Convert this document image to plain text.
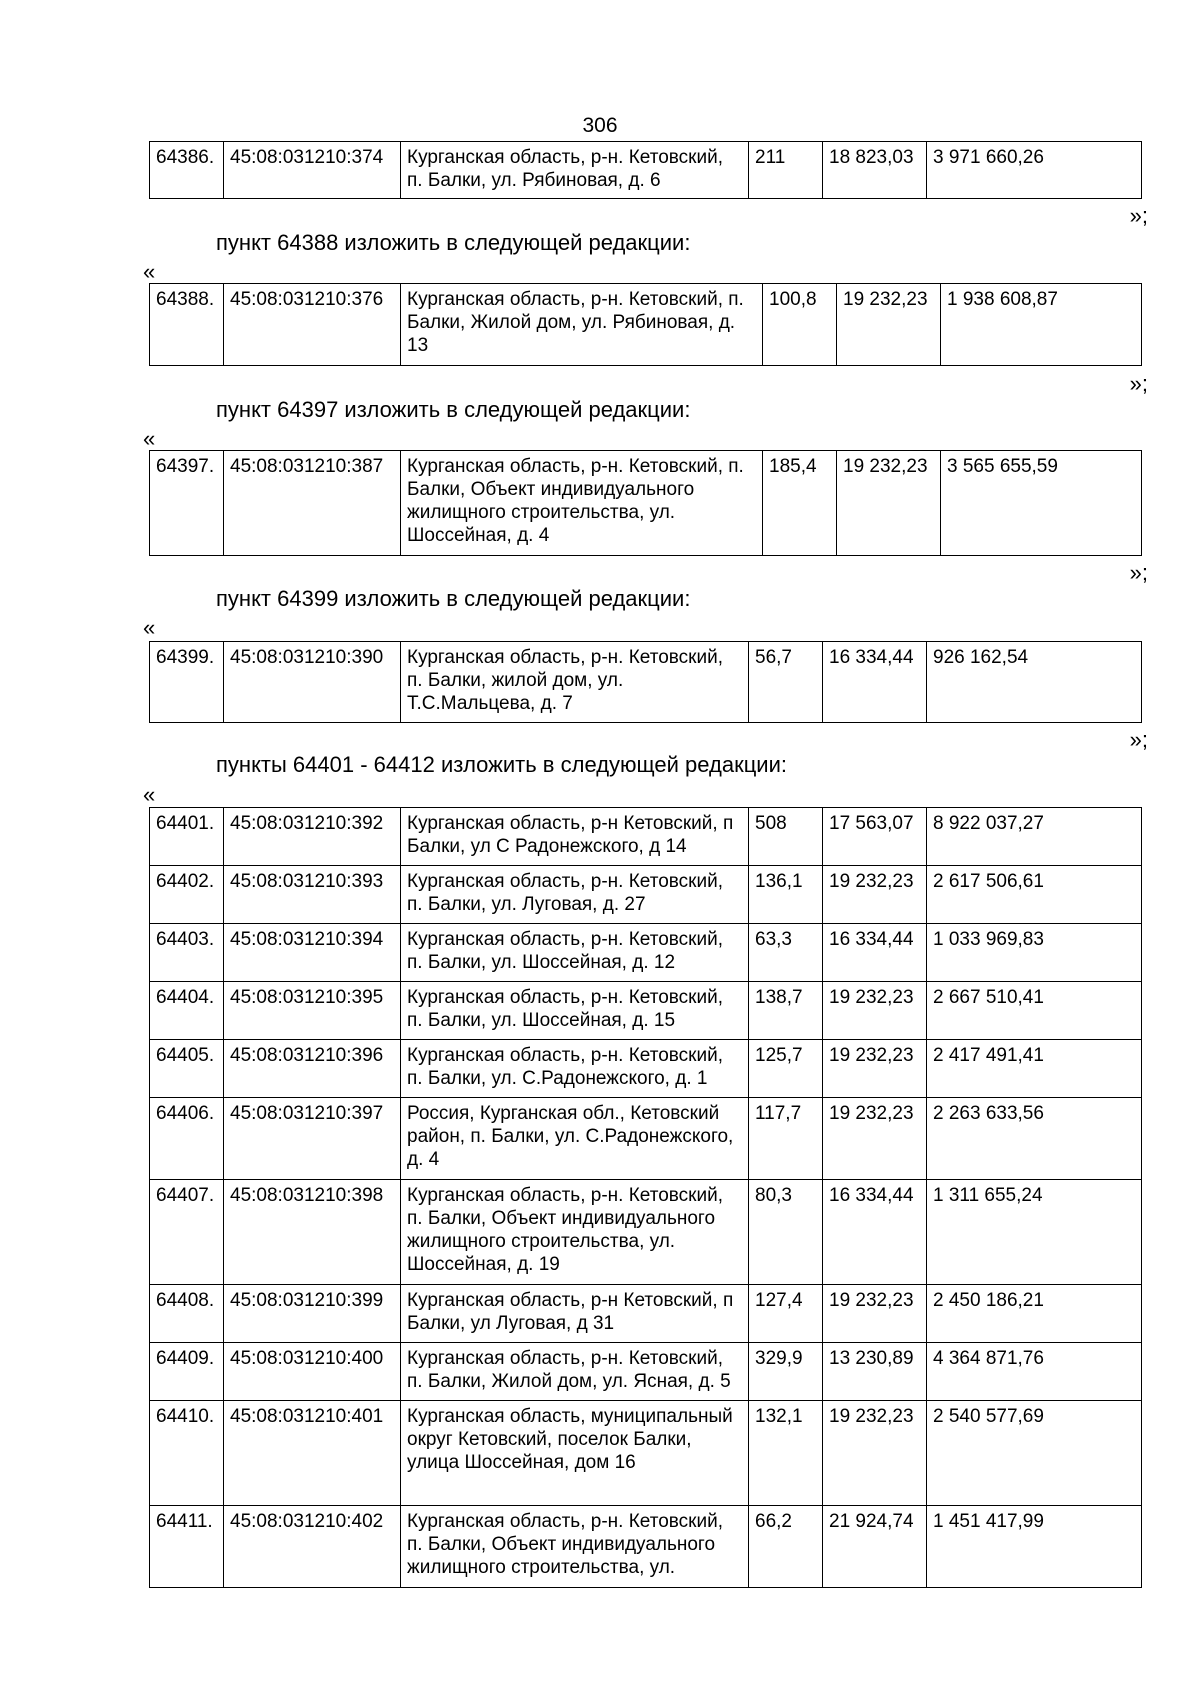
306
64386.	45:08:031210:374	Курганская область, р-н. Кетовский, п. Балки, ул. Рябиновая, д. 6	211	18 823,03	3 971 660,26
»;
пункт 64388 изложить в следующей редакции:
«
64388.	45:08:031210:376	Курганская область, р-н. Кетовский, п. Балки, Жилой дом, ул. Рябиновая, д. 13	100,8	19 232,23	1 938 608,87
»;
пункт 64397 изложить в следующей редакции:
«
64397.	45:08:031210:387	Курганская область, р-н. Кетовский, п. Балки, Объект индивидуального жилищного строительства, ул. Шоссейная, д. 4	185,4	19 232,23	3 565 655,59
»;
пункт 64399 изложить в следующей редакции:
«
64399.	45:08:031210:390	Курганская область, р-н. Кетовский, п. Балки, жилой дом, ул. Т.С.Мальцева, д. 7	56,7	16 334,44	926 162,54
»;
пункты 64401 - 64412 изложить в следующей редакции:
«
64401.	45:08:031210:392	Курганская область, р-н Кетовский, п Балки, ул С Радонежского, д 14	508	17 563,07	8 922 037,27
64402.	45:08:031210:393	Курганская область, р-н. Кетовский, п. Балки, ул. Луговая, д. 27	136,1	19 232,23	2 617 506,61
64403.	45:08:031210:394	Курганская область, р-н. Кетовский, п. Балки, ул. Шоссейная, д. 12	63,3	16 334,44	1 033 969,83
64404.	45:08:031210:395	Курганская область, р-н. Кетовский, п. Балки, ул. Шоссейная, д. 15	138,7	19 232,23	2 667 510,41
64405.	45:08:031210:396	Курганская область, р-н. Кетовский, п. Балки, ул. С.Радонежского, д. 1	125,7	19 232,23	2 417 491,41
64406.	45:08:031210:397	Россия, Курганская обл., Кетовский район, п. Балки, ул. С.Радонежского, д. 4	117,7	19 232,23	2 263 633,56
64407.	45:08:031210:398	Курганская область, р-н. Кетовский, п. Балки, Объект индивидуального жилищного строительства, ул. Шоссейная, д. 19	80,3	16 334,44	1 311 655,24
64408.	45:08:031210:399	Курганская область, р-н Кетовский, п Балки, ул Луговая, д 31	127,4	19 232,23	2 450 186,21
64409.	45:08:031210:400	Курганская область, р-н. Кетовский, п. Балки, Жилой дом, ул. Ясная, д. 5	329,9	13 230,89	4 364 871,76
64410.	45:08:031210:401	Курганская область, муниципальный округ Кетовский, поселок Балки, улица Шоссейная, дом 16	132,1	19 232,23	2 540 577,69
64411.	45:08:031210:402	Курганская область, р-н. Кетовский, п. Балки, Объект индивидуального жилищного строительства, ул.	66,2	21 924,74	1 451 417,99
